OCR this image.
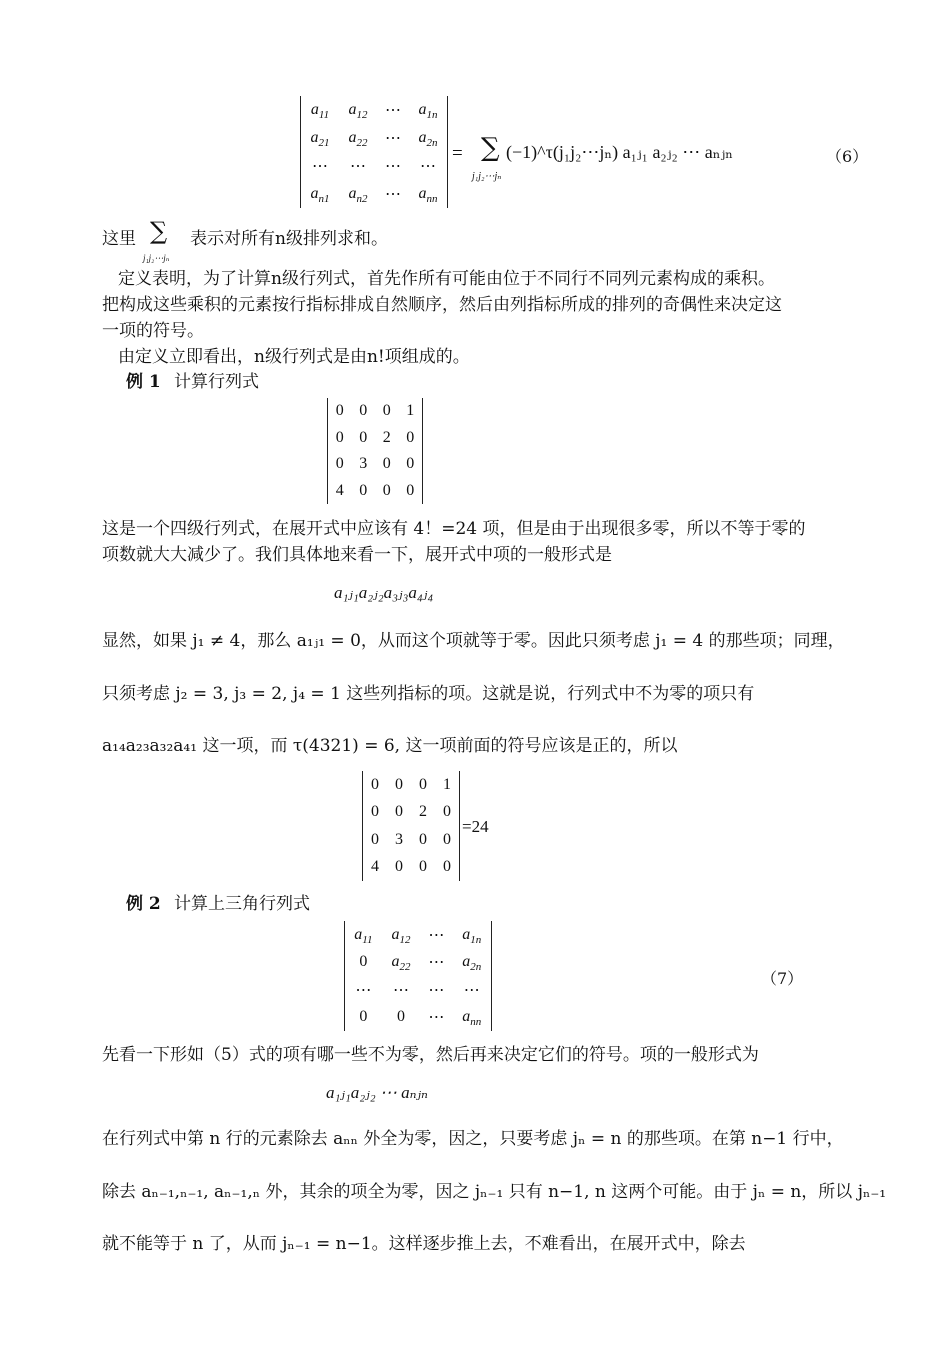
$a_{11}$	$a_{12}$	⋯	$a_{1n}$
$a_{21}$	$a_{22}$	⋯	$a_{2n}$
⋯	⋯	⋯	⋯
$a_{n1}$	$a_{n2}$	⋯	$a_{nn}$
= ∑
j₁j₂⋯jₙ
(−1)^τ(j₁j₂⋯jₙ) a₁ⱼ₁ a₂ⱼ₂ ⋯ aₙⱼₙ	（6）
这里 ∑
j₁j₂⋯jₙ
表示对所有n级排列求和。
定义表明，为了计算n级行列式，首先作所有可能由位于不同行不同列元素构成的乘积。
把构成这些乘积的元素按行指标排成自然顺序，然后由列指标所成的排列的奇偶性来决定这
一项的符号。
由定义立即看出，n级行列式是由n!项组成的。
例 1 计算行列式
0	0	0	1
0	0	2	0
0	3	0	0
4	0	0	0
这是一个四级行列式，在展开式中应该有 4！=24 项，但是由于出现很多零，所以不等于零的
项数就大大减少了。我们具体地来看一下，展开式中项的一般形式是
a₁ⱼ₁a₂ⱼ₂a₃ⱼ₃a₄ⱼ₄
显然，如果 j₁ ≠ 4，那么 a₁ⱼ₁ = 0，从而这个项就等于零。因此只须考虑 j₁ = 4 的那些项；同理，
只须考虑 j₂ = 3, j₃ = 2, j₄ = 1 这些列指标的项。这就是说，行列式中不为零的项只有
a₁₄a₂₃a₃₂a₄₁ 这一项，而 τ(4321) = 6, 这一项前面的符号应该是正的，所以
0	0	0	1
0	0	2	0
0	3	0	0
4	0	0	0
=24
例 2 计算上三角行列式
$a_{11}$	$a_{12}$	⋯	$a_{1n}$
0	$a_{22}$	⋯	$a_{2n}$
⋯	⋯	⋯	⋯
0	0	⋯	$a_{nn}$
（7）
先看一下形如（5）式的项有哪一些不为零，然后再来决定它们的符号。项的一般形式为
a₁ⱼ₁a₂ⱼ₂ ⋯ aₙⱼₙ
在行列式中第 n 行的元素除去 aₙₙ 外全为零，因之，只要考虑 jₙ = n 的那些项。在第 n−1 行中，
除去 aₙ₋₁,ₙ₋₁, aₙ₋₁,ₙ 外，其余的项全为零，因之 jₙ₋₁ 只有 n−1, n 这两个可能。由于 jₙ = n，所以 jₙ₋₁
就不能等于 n 了，从而 jₙ₋₁ = n−1。这样逐步推上去，不难看出，在展开式中，除去
